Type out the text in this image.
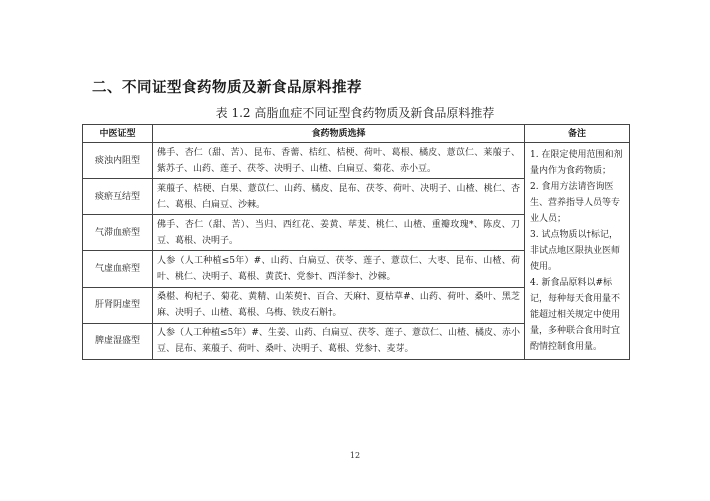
二、不同证型食药物质及新食品原料推荐

表 1.2 高脂血症不同证型食药物质及新食品原料推荐

中医证型	食药物质选择	备注
痰浊内阻型	佛手、杏仁（甜、苦）、昆布、香薷、桔红、桔梗、荷叶、葛根、橘皮、薏苡仁、莱菔子、紫苏子、山药、莲子、茯苓、决明子、山楂、白扁豆、菊花、赤小豆。	1. 在限定使用范围和剂量内作为食药物质；
2. 食用方法请咨询医生、营养指导人员等专业人员；
3. 试点物质以†标记，非试点地区限执业医师使用。
4. 新食品原料以#标记，每种每天食用量不能超过相关规定中使用量，多种联合食用时宜酌情控制食用量。

痰瘀互结型	莱菔子、桔梗、白果、薏苡仁、山药、橘皮、昆布、茯苓、荷叶、决明子、山楂、桃仁、杏仁、葛根、白扁豆、沙棘。	
气滞血瘀型	佛手、杏仁（甜、苦）、当归、西红花、姜黄、荜茇、桃仁、山楂、重瓣玫瑰*、陈皮、刀豆、葛根、决明子。	
气虚血瘀型	人参（人工种植≤5年）#、山药、白扁豆、茯苓、莲子、薏苡仁、大枣、昆布、山楂、荷叶、桃仁、决明子、葛根、黄芪†、党参†、西洋参†、沙棘。	
肝肾阴虚型	桑椹、枸杞子、菊花、黄精、山茱萸†、百合、天麻†、夏枯草#、山药、荷叶、桑叶、黑芝麻、决明子、山楂、葛根、乌梅、铁皮石斛†。	
脾虚湿盛型	人参（人工种植≤5年）#、生姜、山药、白扁豆、茯苓、莲子、薏苡仁、山楂、橘皮、赤小豆、昆布、莱菔子、荷叶、桑叶、决明子、葛根、党参†、麦芽。	
12
